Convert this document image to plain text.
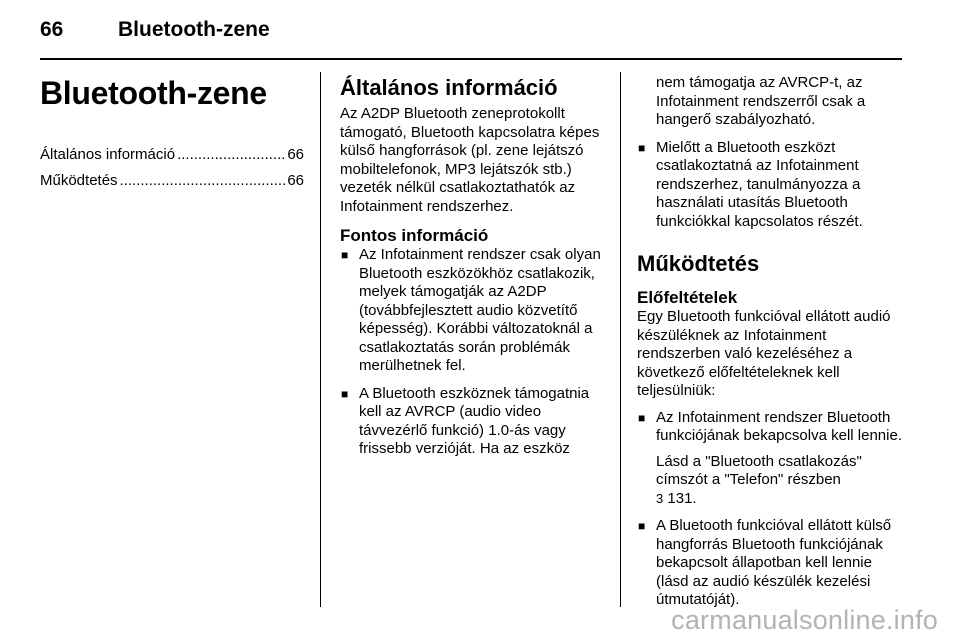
66	Bluetooth-zene
Bluetooth-zene
Általános információ .....	66
Működtetés .....	66
Általános információ

Az A2DP Bluetooth zeneprotokollt támogató, Bluetooth kapcsolatra képes külső hangforrások (pl. zene lejátszó mobiltelefonok, MP3 lejátszók stb.) vezeték nélkül csatlakoztathatók az Infotainment rendszerhez.

Fontos információ
■ Az Infotainment rendszer csak olyan Bluetooth eszközökhöz csatlakozik, melyek támogatják az A2DP (továbbfejlesztett audio közvetítő képesség). Korábbi változatoknál a csatlakoztatás során problémák merülhetnek fel.
■ A Bluetooth eszköznek támogatnia kell az AVRCP (audio video távvezérlő funkció) 1.0-ás vagy frissebb verzióját. Ha az eszköz
nem támogatja az AVRCP-t, az Infotainment rendszerről csak a hangerő szabályozható.
■ Mielőtt a Bluetooth eszközt csatlakoztatná az Infotainment rendszerhez, tanulmányozza a használati utasítás Bluetooth funkciókkal kapcsolatos részét.
Működtetés
Előfeltételek

Egy Bluetooth funkcióval ellátott audió készüléknek az Infotainment rendszerben való kezeléséhez a következő előfeltételeknek kell teljesülniük:

■ Az Infotainment rendszer Bluetooth funkciójának bekapcsolva kell lennie.
Lásd a "Bluetooth csatlakozás" címszót a "Telefon" részben
3 131.
■ A Bluetooth funkcióval ellátott külső hangforrás Bluetooth funkciójának bekapcsolt állapotban kell lennie (lásd az audió készülék kezelési útmutatóját).
carmanualsonline.info
